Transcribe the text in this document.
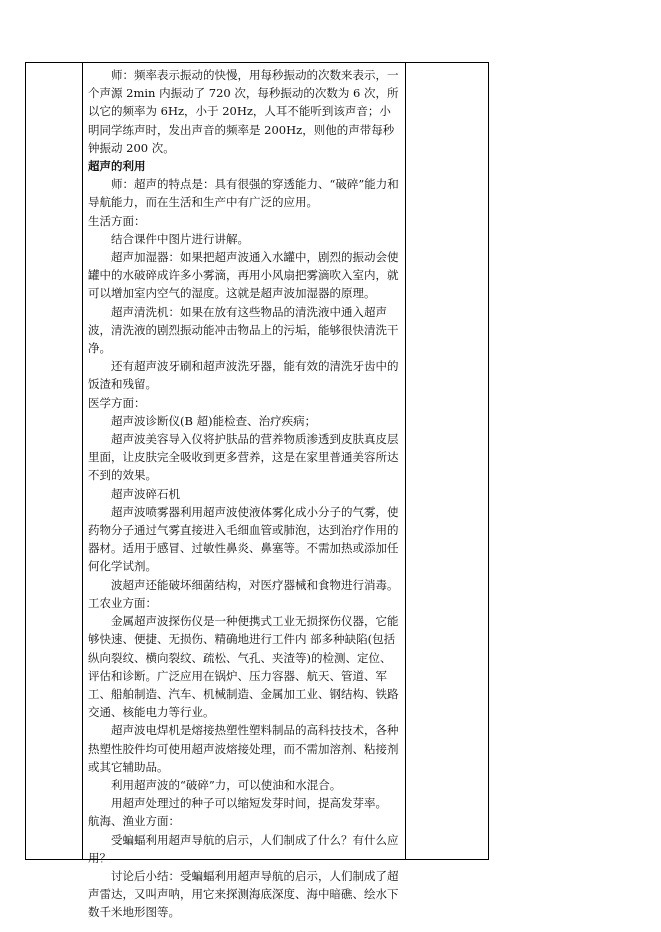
师：频率表示振动的快慢，用每秒振动的次数来表示，一个声源 2min 内振动了 720 次，每秒振动的次数为 6 次，所以它的频率为 6Hz，小于 20Hz，人耳不能听到该声音；小明同学练声时，发出声音的频率是 200Hz，则他的声带每秒钟振动 200 次。

超声的利用

师：超声的特点是：具有很强的穿透能力、“破碎”能力和导航能力，而在生活和生产中有广泛的应用。

生活方面：

结合课件中图片进行讲解。

超声加湿器：如果把超声波通入水罐中，剧烈的振动会使罐中的水破碎成许多小雾滴，再用小风扇把雾滴吹入室内，就可以增加室内空气的湿度。这就是超声波加湿器的原理。

超声清洗机：如果在放有这些物品的清洗液中通入超声波，清洗液的剧烈振动能冲击物品上的污垢，能够很快清洗干净。

还有超声波牙刷和超声波洗牙器，能有效的清洗牙齿中的饭渣和残留。

医学方面：

超声波诊断仪(B 超)能检查、治疗疾病；

超声波美容导入仪将护肤品的营养物质渗透到皮肤真皮层里面，让皮肤完全吸收到更多营养，这是在家里普通美容所达不到的效果。

超声波碎石机

超声波喷雾器利用超声波使液体雾化成小分子的气雾，使药物分子通过气雾直接进入毛细血管或肺泡，达到治疗作用的器材。适用于感冒、过敏性鼻炎、鼻塞等。不需加热或添加任何化学试剂。

波超声还能破坏细菌结构，对医疗器械和食物进行消毒。

工农业方面：

金属超声波探伤仪是一种便携式工业无损探伤仪器，它能够快速、便捷、无损伤、精确地进行工件内 部多种缺陷(包括纵向裂纹、横向裂纹、疏松、气孔、夹渣等)的检测、定位、评估和诊断。广泛应用在锅炉、压力容器、航天、管道、军工、船舶制造、汽车、机械制造、金属加工业、钢结构、铁路交通、核能电力等行业。

超声波电焊机是熔接热塑性塑料制品的高科技技术，各种热塑性胶件均可使用超声波熔接处理，而不需加溶剂、粘接剂或其它辅助品。

利用超声波的“破碎”力，可以使油和水混合。

用超声处理过的种子可以缩短发芽时间，提高发芽率。

航海、渔业方面：

受蝙蝠利用超声导航的启示，人们制成了什么？有什么应用？

讨论后小结：受蝙蝠利用超声导航的启示，人们制成了超声雷达，又叫声呐，用它来探测海底深度、海中暗礁、绘水下数千米地形图等。
